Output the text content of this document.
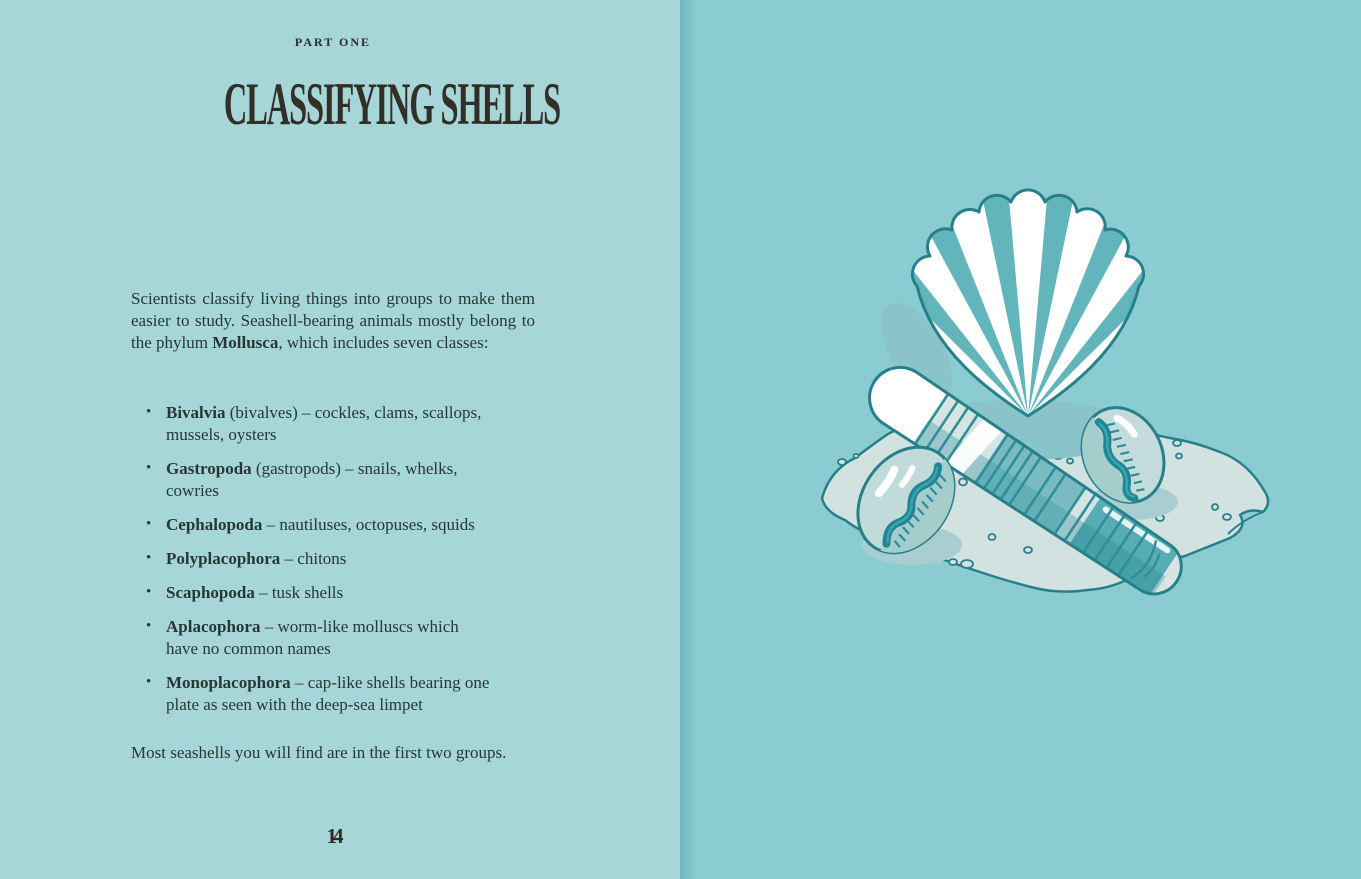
PART ONE
CLASSIFYING SHELLS

Scientists classify living things into groups to make them easier to study. Seashell-bearing animals mostly belong to the phylum Mollusca, which includes seven classes:

• Bivalvia (bivalves) – cockles, clams, scallops, mussels, oysters
• Gastropoda (gastropods) – snails, whelks, cowries
• Cephalopoda – nautiluses, octopuses, squids
• Polyplacophora – chitons
• Scaphopoda – tusk shells
• Aplacophora – worm-like molluscs which have no common names
• Monoplacophora – cap-like shells bearing one plate as seen with the deep-sea limpet

Most seashells you will find are in the first two groups.

14
